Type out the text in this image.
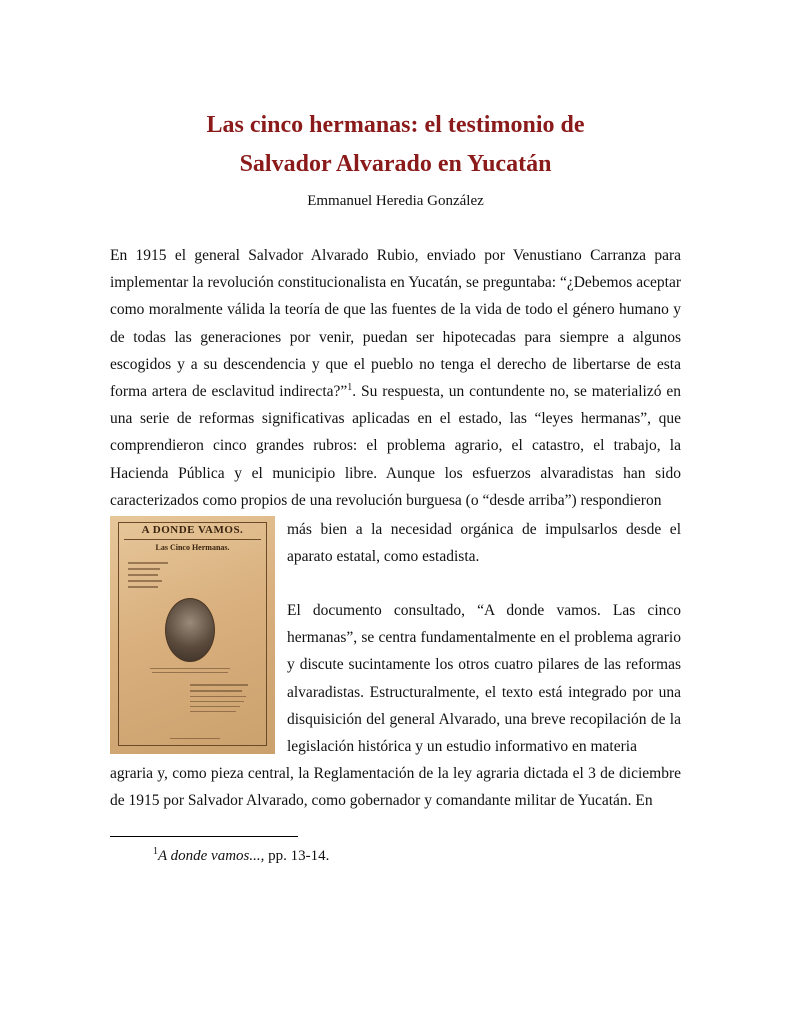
Las cinco hermanas: el testimonio de
Salvador Alvarado en Yucatán
Emmanuel Heredia González
En 1915 el general Salvador Alvarado Rubio, enviado por Venustiano Carranza para implementar la revolución constitucionalista en Yucatán, se preguntaba: “¿Debemos aceptar como moralmente válida la teoría de que las fuentes de la vida de todo el género humano y de todas las generaciones por venir, puedan ser hipotecadas para siempre a algunos escogidos y a su descendencia y que el pueblo no tenga el derecho de libertarse de esta forma artera de esclavitud indirecta?”$^1$. Su respuesta, un contundente no, se materializó en una serie de reformas significativas aplicadas en el estado, las “leyes hermanas”, que comprendieron cinco grandes rubros: el problema agrario, el catastro, el trabajo, la Hacienda Pública y el municipio libre. Aunque los esfuerzos alvaradistas han sido caracterizados como propios de una revolución burguesa (o “desde arriba”) respondieron
A DONDE VAMOS.
Las Cinco Hermanas.
más bien a la necesidad orgánica de impulsarlos desde el aparato estatal, como estadista.
El documento consultado, “A donde vamos. Las cinco hermanas”, se centra fundamentalmente en el problema agrario y discute sucintamente los otros cuatro pilares de las reformas alvaradistas. Estructuralmente, el texto está integrado por una disquisición del general Alvarado, una breve recopilación de la legislación histórica y un estudio informativo en materia
agraria y, como pieza central, la Reglamentación de la ley agraria dictada el 3 de diciembre de 1915 por Salvador Alvarado, como gobernador y comandante militar de Yucatán. En

$^1$A donde vamos..., pp. 13-14.
